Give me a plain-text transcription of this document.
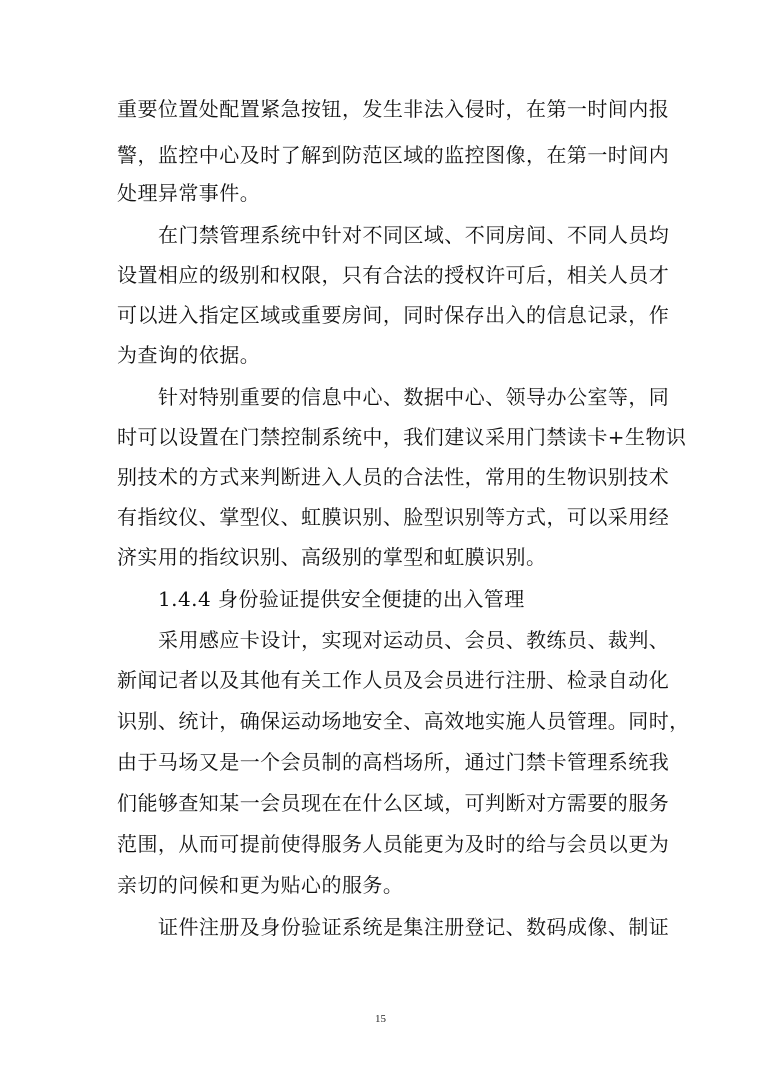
重要位置处配置紧急按钮，发生非法入侵时，在第一时间内报
警，监控中心及时了解到防范区域的监控图像，在第一时间内
处理异常事件。
在门禁管理系统中针对不同区域、不同房间、不同人员均
设置相应的级别和权限，只有合法的授权许可后，相关人员才
可以进入指定区域或重要房间，同时保存出入的信息记录，作
为查询的依据。
针对特别重要的信息中心、数据中心、领导办公室等，同
时可以设置在门禁控制系统中，我们建议采用门禁读卡+生物识
别技术的方式来判断进入人员的合法性，常用的生物识别技术
有指纹仪、掌型仪、虹膜识别、脸型识别等方式，可以采用经
济实用的指纹识别、高级别的掌型和虹膜识别。
1.4.4 身份验证提供安全便捷的出入管理
采用感应卡设计，实现对运动员、会员、教练员、裁判、
新闻记者以及其他有关工作人员及会员进行注册、检录自动化
识别、统计，确保运动场地安全、高效地实施人员管理。同时，
由于马场又是一个会员制的高档场所，通过门禁卡管理系统我
们能够查知某一会员现在在什么区域，可判断对方需要的服务
范围，从而可提前使得服务人员能更为及时的给与会员以更为
亲切的问候和更为贴心的服务。
证件注册及身份验证系统是集注册登记、数码成像、制证
15
